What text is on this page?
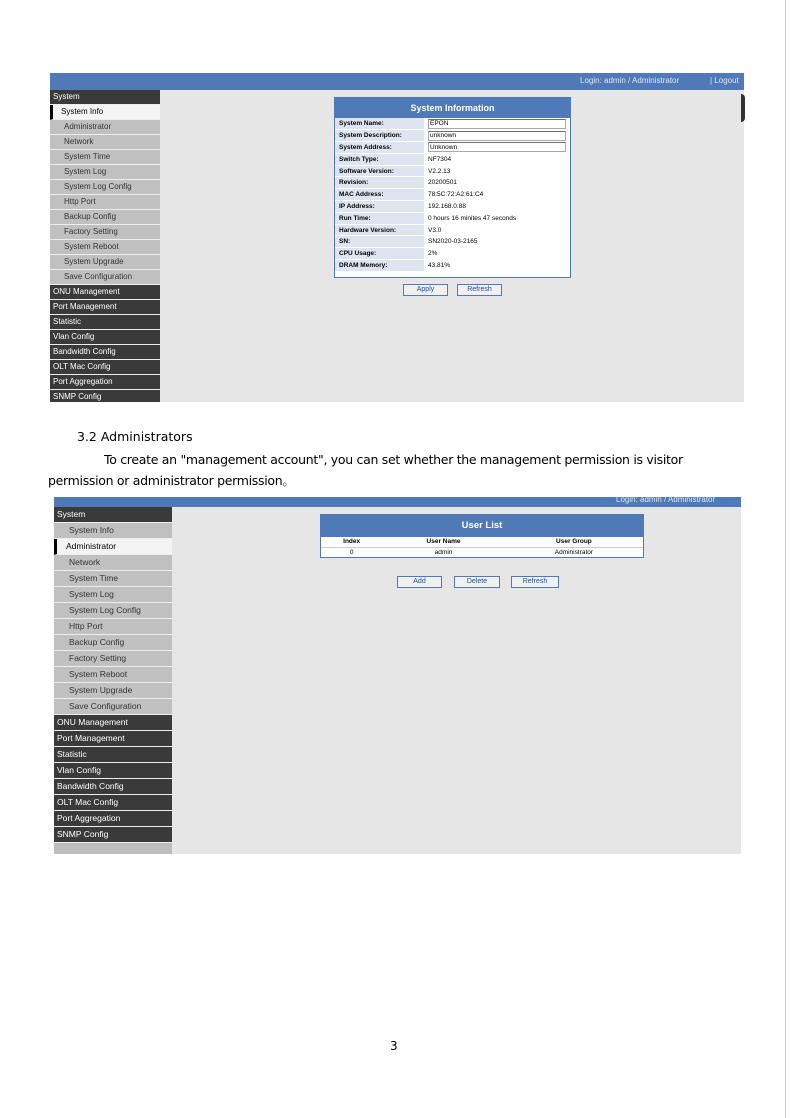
Login: admin / Administrator	| Logout
System
System Info
Administrator
Network
System Time
System Log
System Log Config
Http Port
Backup Config
Factory Setting
System Reboot
System Upgrade
Save Configuration
ONU Management
Port Management
Statistic
Vlan Config
Bandwidth Config
OLT Mac Config
Port Aggregation
SNMP Config
System Information
System Name:	EPON
System Description:	unknown
System Address:	Unknown
Switch Type:	NF7304
Software Version:	V2.2.13
Revision:	20200501
MAC Address:	78:5C:72:A2:61:C4
IP Address:	192.168.0.88
Run Time:	0 hours 16 minites 47 seconds
Hardware Version:	V3.0
SN:	SN2020-03-2165
CPU Usage:	2%
DRAM Memory:	43.81%
Apply	Refresh
3.2 Administrators
To create an "management account", you can set whether the management permission is visitor permission or administrator permission。
Login: admin / Administrator
System
System Info
Administrator
Network
System Time
System Log
System Log Config
Http Port
Backup Config
Factory Setting
System Reboot
System Upgrade
Save Configuration
ONU Management
Port Management
Statistic
Vlan Config
Bandwidth Config
OLT Mac Config
Port Aggregation
SNMP Config
User List
Index	User Name	User Group
0	admin	Administrator
Add	Delete	Refresh
3
